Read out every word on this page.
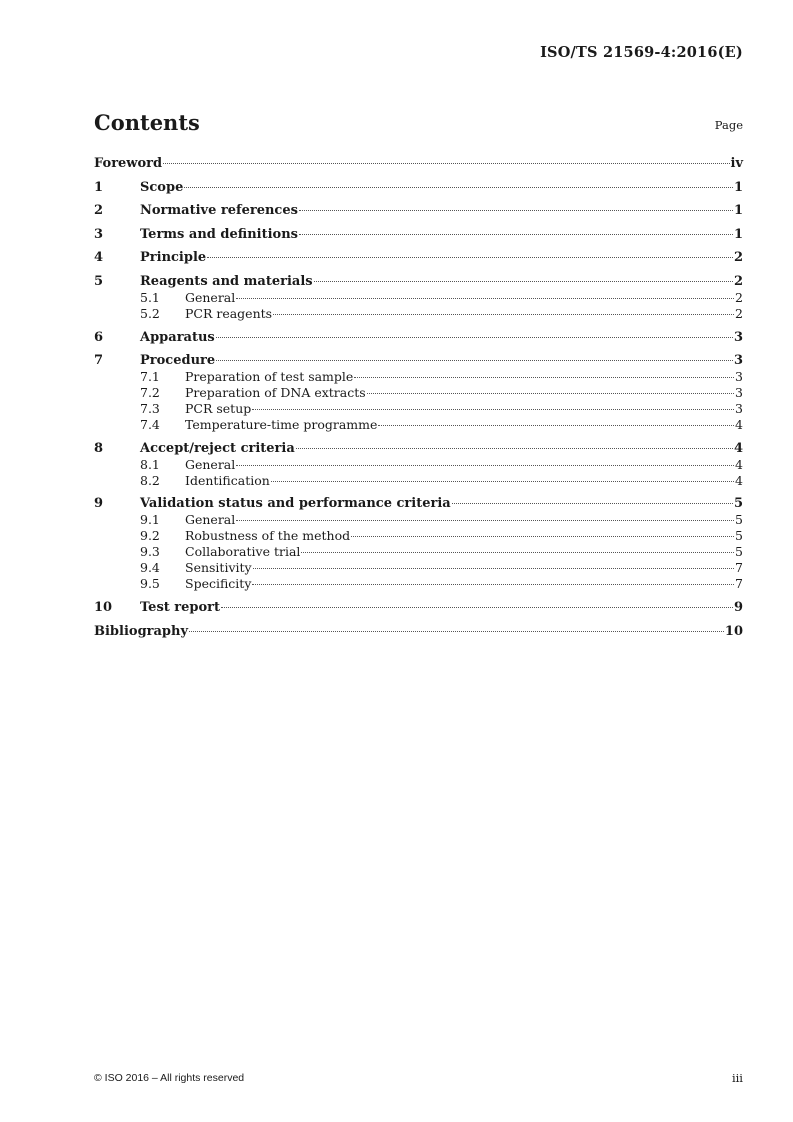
ISO/TS 21569-4:2016(E)
Contents	Page
Foreword	iv
1	Scope	1
2	Normative references	1
3	Terms and definitions	1
4	Principle	2
5	Reagents and materials	2
5.1	General	2
5.2	PCR reagents	2
6	Apparatus	3
7	Procedure	3
7.1	Preparation of test sample	3
7.2	Preparation of DNA extracts	3
7.3	PCR setup	3
7.4	Temperature-time programme	4
8	Accept/reject criteria	4
8.1	General	4
8.2	Identification	4
9	Validation status and performance criteria	5
9.1	General	5
9.2	Robustness of the method	5
9.3	Collaborative trial	5
9.4	Sensitivity	7
9.5	Specificity	7
10	Test report	9
Bibliography	10
© ISO 2016 – All rights reserved	iii
